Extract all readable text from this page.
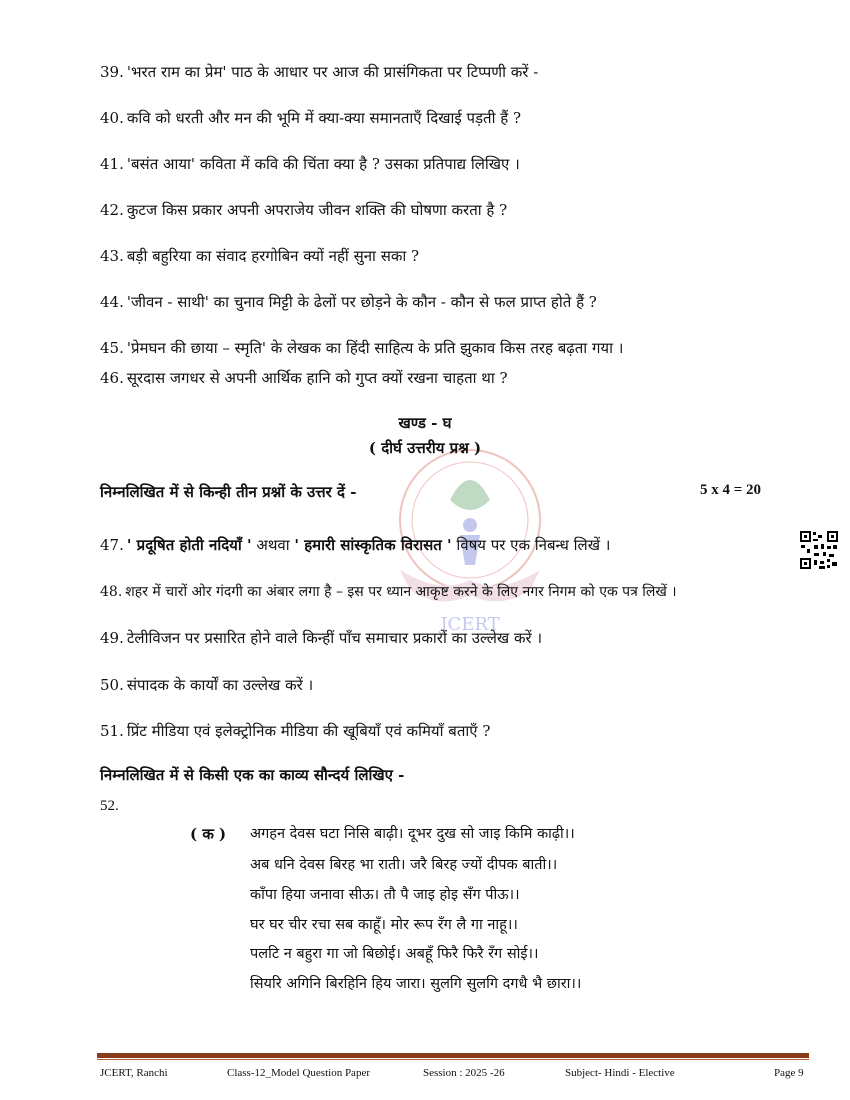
JCERT
39. 'भरत राम का प्रेम' पाठ के आधार पर आज की प्रासंगिकता पर टिप्पणी करें -
40. कवि को धरती और मन की भूमि में क्या-क्या समानताएँ दिखाई पड़ती हैं ?
41. 'बसंत आया' कविता में कवि की चिंता क्या है ? उसका प्रतिपाद्य लिखिए ।
42. कुटज किस प्रकार अपनी अपराजेय जीवन शक्ति की घोषणा करता है ?
43. बड़ी बहुरिया का संवाद हरगोबिन क्यों नहीं सुना सका ?
44. 'जीवन - साथी' का चुनाव मिट्टी के ढेलों पर छोड़ने के कौन - कौन से फल प्राप्त होते हैं ?
45. 'प्रेमघन की छाया – स्मृति' के लेखक का हिंदी साहित्य के प्रति झुकाव किस तरह बढ़ता गया ।
46. सूरदास जगधर से अपनी आर्थिक हानि को गुप्त क्यों रखना चाहता था ?
खण्ड - घ
( दीर्घ उत्तरीय प्रश्न )
निम्नलिखित में से किन्ही तीन प्रश्नों के उत्तर दें -	5 x 4 = 20
47. ' प्रदूषित होती नदियाँ ' अथवा ' हमारी सांस्कृतिक विरासत ' विषय पर एक निबन्ध लिखें ।
48. शहर में चारों ओर गंदगी का अंबार लगा है – इस पर ध्यान आकृष्ट करने के लिए नगर निगम को एक पत्र लिखें ।
49. टेलीविजन पर प्रसारित होने वाले किन्हीं पाँच समाचार प्रकारों का उल्लेख करें ।
50. संपादक के कार्यों का उल्लेख करें ।
51. प्रिंट मीडिया एवं इलेक्ट्रोनिक मीडिया की खूबियाँ एवं कमियाँ बताएँ ?
निम्नलिखित में से किसी एक का काव्य सौन्दर्य लिखिए -
52.
( क ) अगहन देवस घटा निसि बाढ़ी। दूभर दुख सो जाइ किमि काढ़ी।।
अब धनि देवस बिरह भा राती। जरै बिरह ज्यों दीपक बाती।।
काँपा हिया जनावा सीऊ। तौ पै जाइ होइ सँग पीऊ।।
घर घर चीर रचा सब काहूँ। मोर रूप रँग लै गा नाहू।।
पलटि न बहुरा गा जो बिछोई। अबहूँ फिरै फिरै रँग सोई।।
सियरि अगिनि बिरहिनि हिय जारा। सुलगि सुलगि दगधै भै छारा।।
JCERT, Ranchi	Class-12_Model Question Paper	Session : 2025 -26	Subject- Hindi - Elective	Page 9
